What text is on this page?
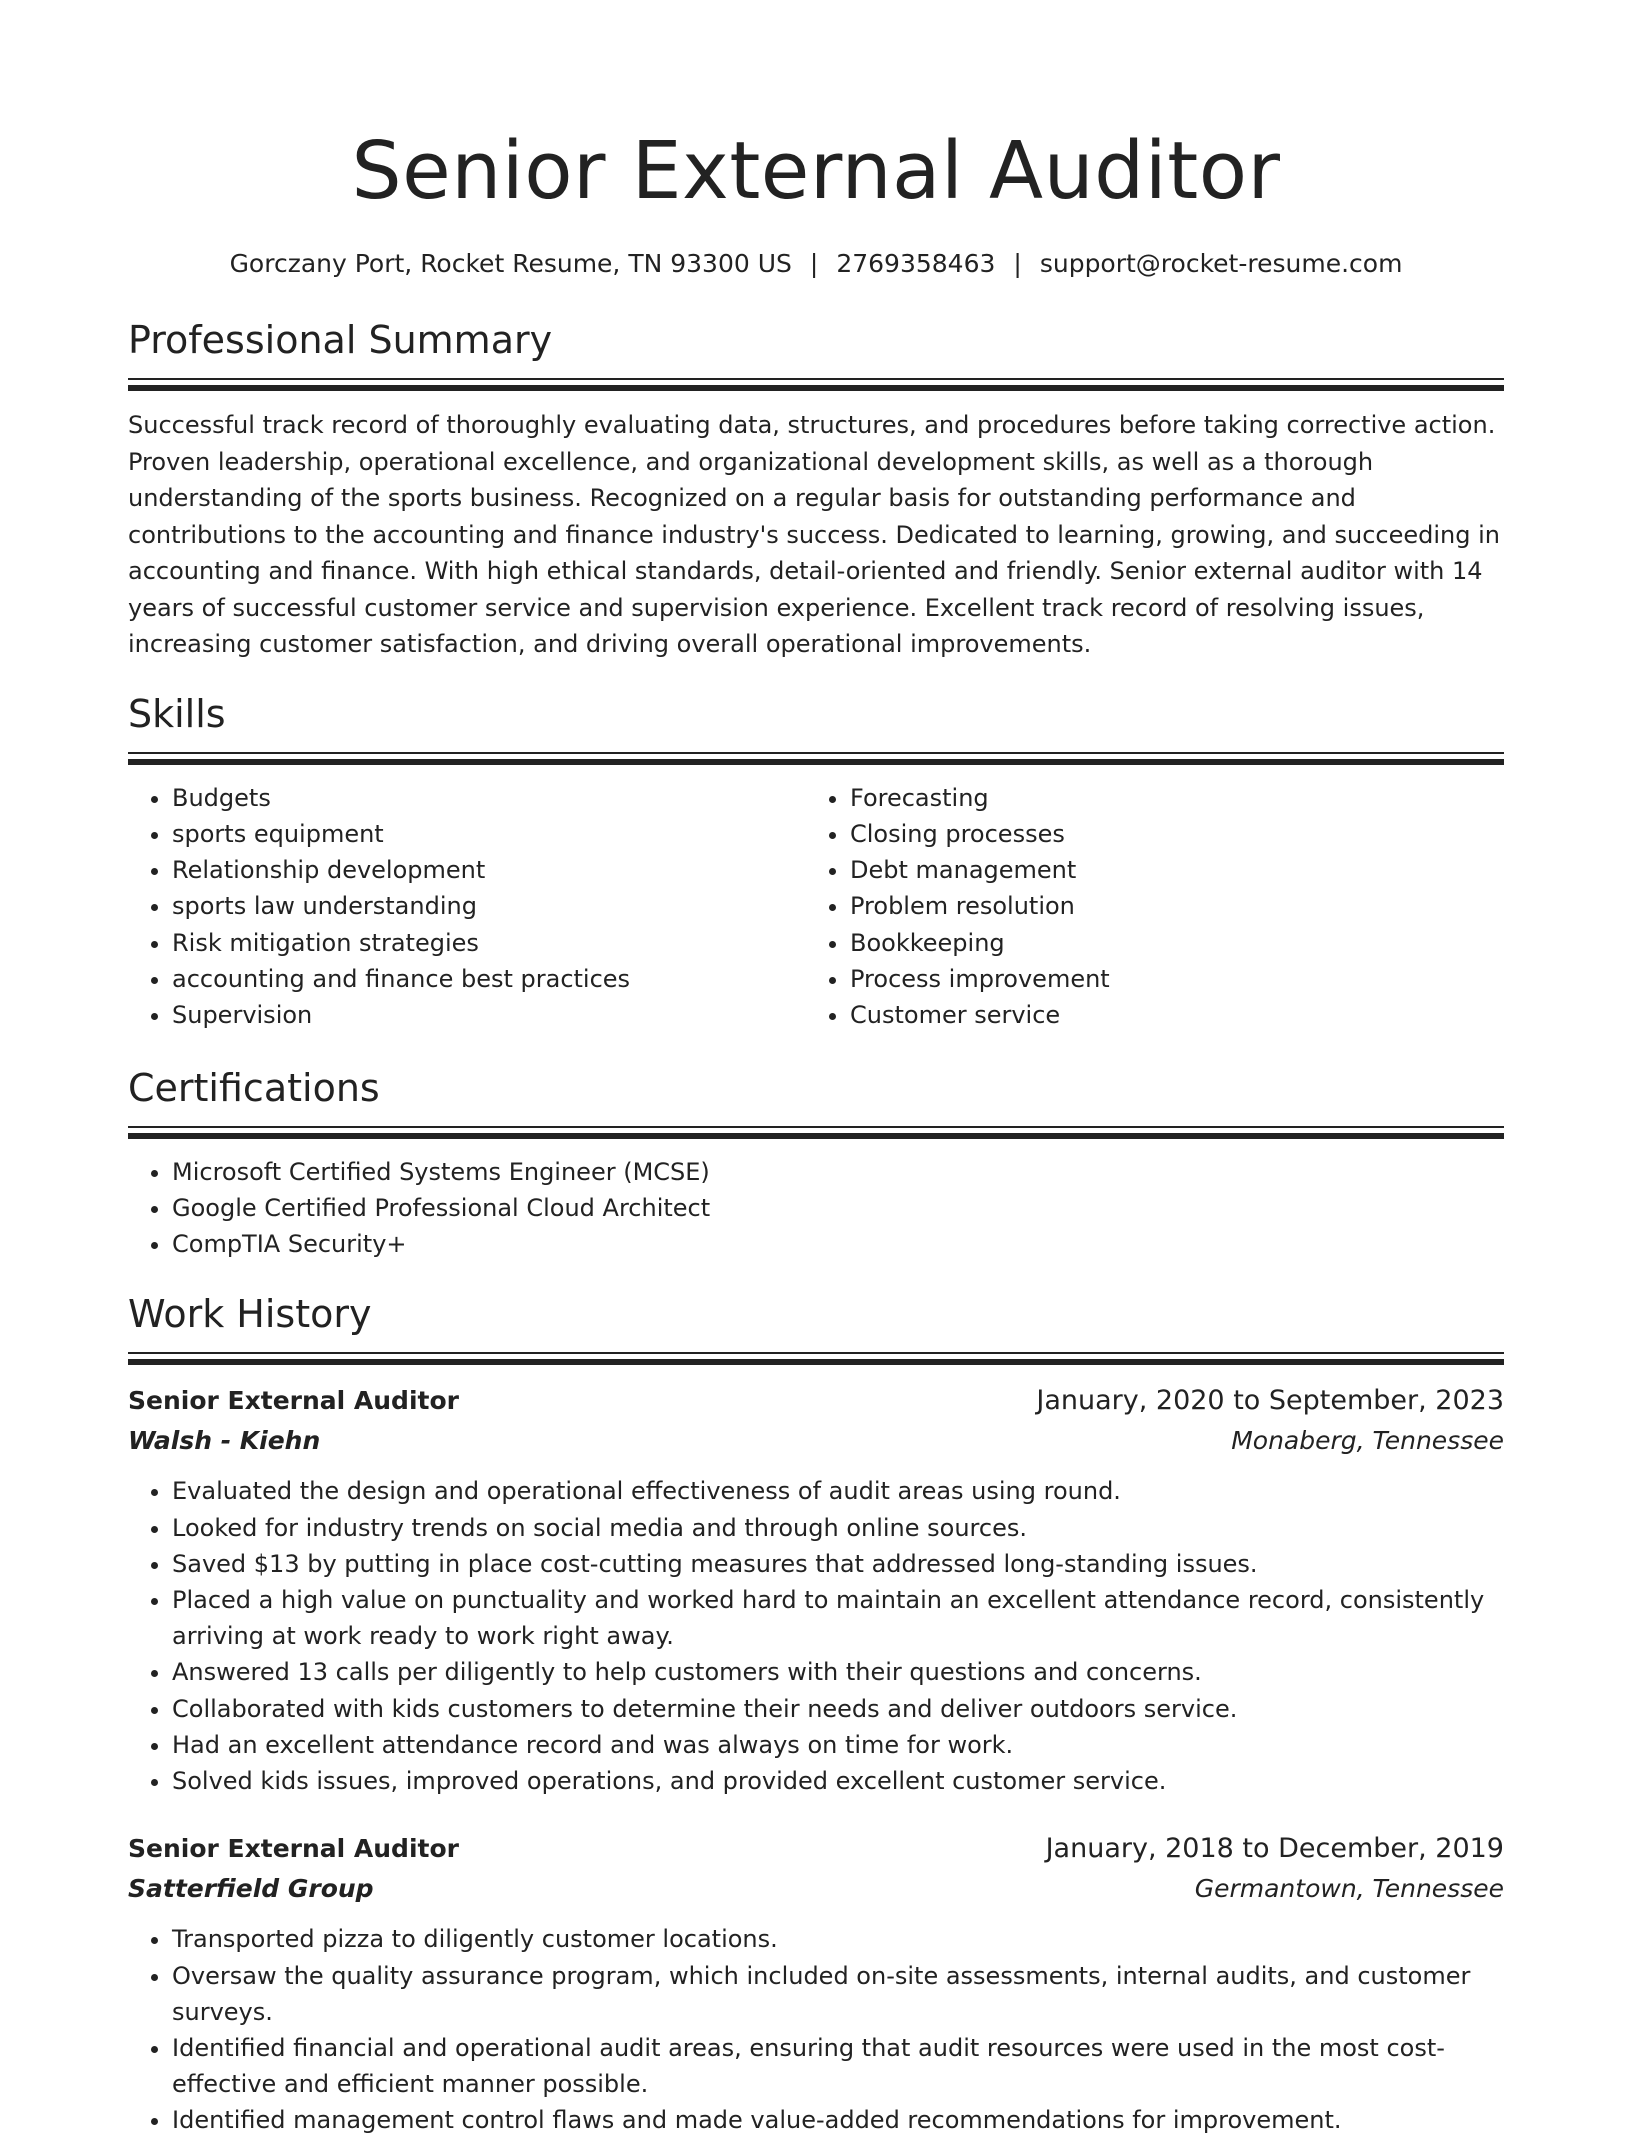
Senior External Auditor
Gorczany Port, Rocket Resume, TN 93300 US | 2769358463 | support@rocket-resume.com
Professional Summary

Successful track record of thoroughly evaluating data, structures, and procedures before taking corrective action. Proven leadership, operational excellence, and organizational development skills, as well as a thorough understanding of the sports business. Recognized on a regular basis for outstanding performance and contributions to the accounting and finance industry's success. Dedicated to learning, growing, and succeeding in accounting and finance. With high ethical standards, detail-oriented and friendly. Senior external auditor with 14 years of successful customer service and supervision experience. Excellent track record of resolving issues, increasing customer satisfaction, and driving overall operational improvements.

Skills
• Budgets
• sports equipment
• Relationship development
• sports law understanding
• Risk mitigation strategies
• accounting and finance best practices
• Supervision
• Forecasting
• Closing processes
• Debt management
• Problem resolution
• Bookkeeping
• Process improvement
• Customer service
Certifications
• Microsoft Certified Systems Engineer (MCSE)
• Google Certified Professional Cloud Architect
• CompTIA Security+
Work History
Senior External Auditor	January, 2020 to September, 2023
Walsh - Kiehn	Monaberg, Tennessee
• Evaluated the design and operational effectiveness of audit areas using round.
• Looked for industry trends on social media and through online sources.
• Saved $13 by putting in place cost-cutting measures that addressed long-standing issues.
• Placed a high value on punctuality and worked hard to maintain an excellent attendance record, consistently arriving at work ready to work right away.
• Answered 13 calls per diligently to help customers with their questions and concerns.
• Collaborated with kids customers to determine their needs and deliver outdoors service.
• Had an excellent attendance record and was always on time for work.
• Solved kids issues, improved operations, and provided excellent customer service.
Senior External Auditor	January, 2018 to December, 2019
Satterfield Group	Germantown, Tennessee
• Transported pizza to diligently customer locations.
• Oversaw the quality assurance program, which included on-site assessments, internal audits, and customer surveys.
• Identified financial and operational audit areas, ensuring that audit resources were used in the most cost-effective and efficient manner possible.
• Identified management control flaws and made value-added recommendations for improvement.
